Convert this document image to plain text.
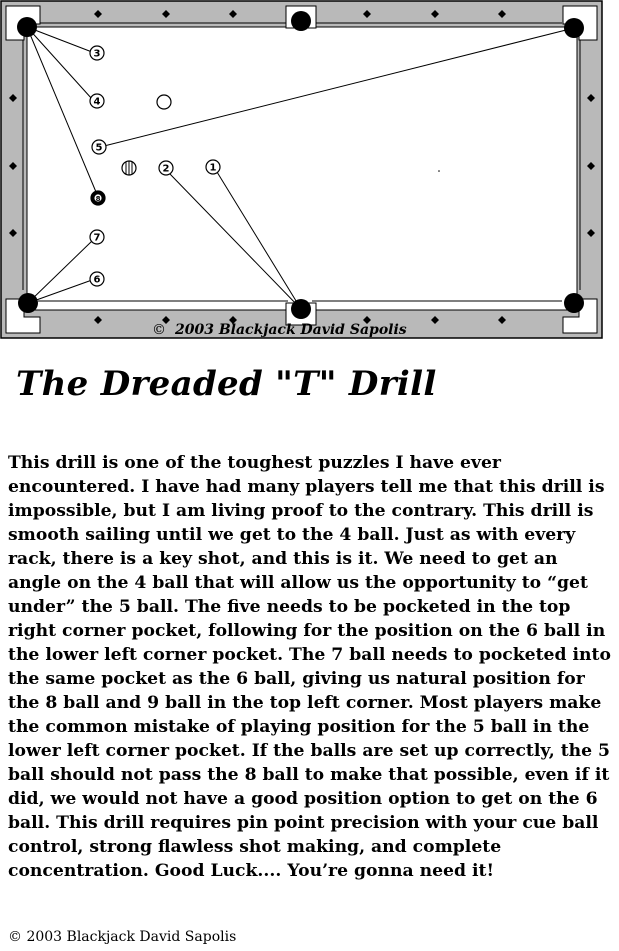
3
4
5
2	1
8
7
6
© 2003 Blackjack David Sapolis
The Dreaded "T" Drill

This drill is one of the toughest puzzles I have ever encountered. I have had many players tell me that this drill is impossible, but I am living proof to the contrary. This drill is smooth sailing until we get to the 4 ball. Just as with every rack, there is a key shot, and this is it. We need to get an angle on the 4 ball that will allow us the opportunity to “get under” the 5 ball. The five needs to be pocketed in the top right corner pocket, following for the position on the 6 ball in the lower left corner pocket. The 7 ball needs to pocketed into the same pocket as the 6 ball, giving us natural position for the 8 ball and 9 ball in the top left corner. Most players make the common mistake of playing position for the 5 ball in the lower left corner pocket. If the balls are set up correctly, the 5 ball should not pass the 8 ball to make that possible, even if it did, we would not have a good position option to get on the 6 ball. This drill requires pin point precision with your cue ball control, strong flawless shot making, and complete concentration. Good Luck.... You’re gonna need it!

© 2003 Blackjack David Sapolis
